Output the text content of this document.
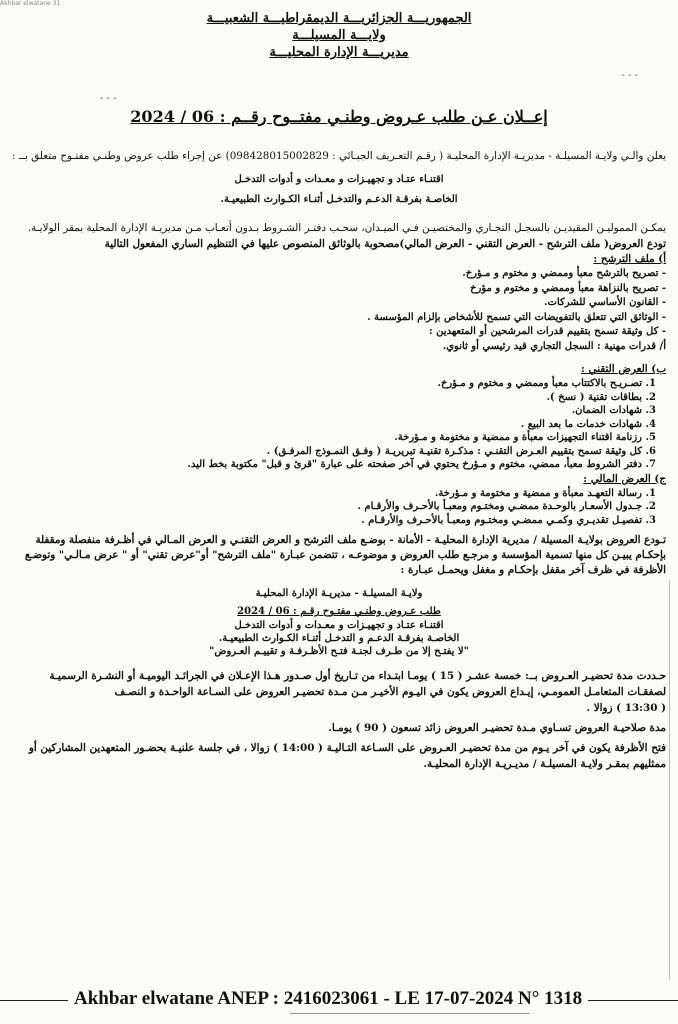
Akhbar elwatane 31
الجمهوريـــة الجزائريـــة الديمقراطيـــة الشعبيـــة
ولايـــة المسيلـــة
مديريـــة الإدارة المحليـــة
- - -
- - -
إعــلان عـن طلب عـروض وطنـي مفتــوح رقــم : 2024 / 06

يعلن والـي ولايـة المسيلـة - مديريـة الإدارة المحليـة ( رقـم التعـريف الجبـائي : 098428015002829) عن إجراء طلب عروض وطنـي مفتـوح متعلق بــ :

اقتنـاء عتـاد و تجهيـزات و معـدات و أدوات التدخـل
الخاصـة بفرقـة الدعـم والتدخـل أثنـاء الكـوارث الطبيعيـة.

يمكـن المموليـن المقيديـن بالسجـل التجـاري والمختصيـن فـي الميـدان، سحـب دفتـر الشـروط بـدون أتعـاب مـن مديريـة الإدارة المحلية بمقر الولايـة.

تودع العروض( ملف الترشح - العرض التقني - العرض المالي)مصحوبة بالوثائق المنصوص عليها في التنظيم الساري المفعول التالية

أ) ملف الترشح :

- تصريح بالترشح معبأ وممضي و مختوم و مـؤرخ.
- تصريح بالنزاهة معبأ وممضي و مختوم و مؤرخ
- القانون الأساسي للشركات.
- الوثائق التي تتعلق بالتفويضات التي تسمح للأشخاص بإلزام المؤسسة .
- كل وثيقة تسمح بتقييم قدرات المرشحين أو المتعهدين :
أ/ قدرات مهنية : السجل التجاري قيد رئيسي أو ثانوي.

ب) العرض التقني :

1. تصـريـح بالاكتتاب معبأ وممضي و مختوم و مـؤرخ.
2. بطاقات تقنية ( نسخ ).
3. شهادات الضمان.
4. شهادات خدمات ما بعد البيع .
5. رزنامة اقتناء التجهيزات معبأة و ممضية و مختومة و مـؤرخة.
6. كل وثيقة تسمح بتقييم العـرض التقنـي : مذكـرة تقنيـة تبريريـة ( وفـق النمـوذج المرفـق) .
7. دفتر الشروط معبأ، ممضي، مختوم و مـؤرخ يحتوي في آخر صفحته على عبارة "قرئ و قبل" مكتوبة بخط اليد.

ج) العرض المالي :

1. رسالة التعهـد معبأة و ممضية و مختومة و مـؤرخة.
2. جـدول الأسعـار بالوحـدة ممضـي ومختـوم ومعبـأ بالأحـرف والأرقـام .
3. تفصيـل تقديـري وكمـي ممضـي ومختـوم ومعبـأ بالأحـرف والأرقـام .

تـودع العروض بولايـة المسيلة / مديرية الإدارة المحليـة - الأمانة - بوضـع ملف الترشح و العرض التقنـي و العرض المـالي في أظـرفة منفصلة ومقفلة بإحكـام يبيـن كل منها تسمية المؤسسة و مرجـع طلب العروض و موضوعـه ، تتضمن عبـارة "ملف الترشح" أو"عرض تقني" أو " عرض مـالـي" وتوضـع الأظرفة في ظرف آخر مقفل بإحكـام و مغفل ويحمـل عبـارة :

ولايـة المسيلـة - مديريـة الإدارة المحليـة
طلب عـروض وطنـي مفتـوح رقـم : 06 / 2024
اقتنـاء عتـاد و تجهيـزات و معـدات و أدوات التدخـل
الخاصـة بفرقـة الدعـم و التدخـل أثنـاء الكـوارث الطبيعيـة.
"لا يفتـح إلا من طـرف لجنـة فتـح الأظـرفـة و تقييـم العـروض"

حـددت مدة تحضيـر العـروض بــ: خمسة عشـر ( 15 ) يومـا ابتـداء من تـاريخ أول صـدور هـذا الإعـلان في الجرائـد اليوميـة أو النشـرة الرسميـة لصفقـات المتعامـل العمومـي، إيـداع العروض يكون في اليـوم الأخيـر مـن مـدة تحضيـر العروض على السـاعة الواحـدة و النصـف

( 13:30 ) زوالا .

مدة صلاحيـة العروض تسـاوي مـدة تحضيـر العروض زائد تسعون ( 90 ) يومـا.

فتح الأظرفة يكون في آخر يـوم من مدة تحضيـر العـروض على السـاعة التـاليـة ( 14:00 ) زوالا ، في جلسة علنيـة بحضـور المتعهدين المشاركين أو ممثليهم بمقـر ولايـة المسيلـة / مديـريـة الإدارة المحليـة.

Akhbar elwatane ANEP : 2416023061 - LE 17-07-2024 N° 1318
